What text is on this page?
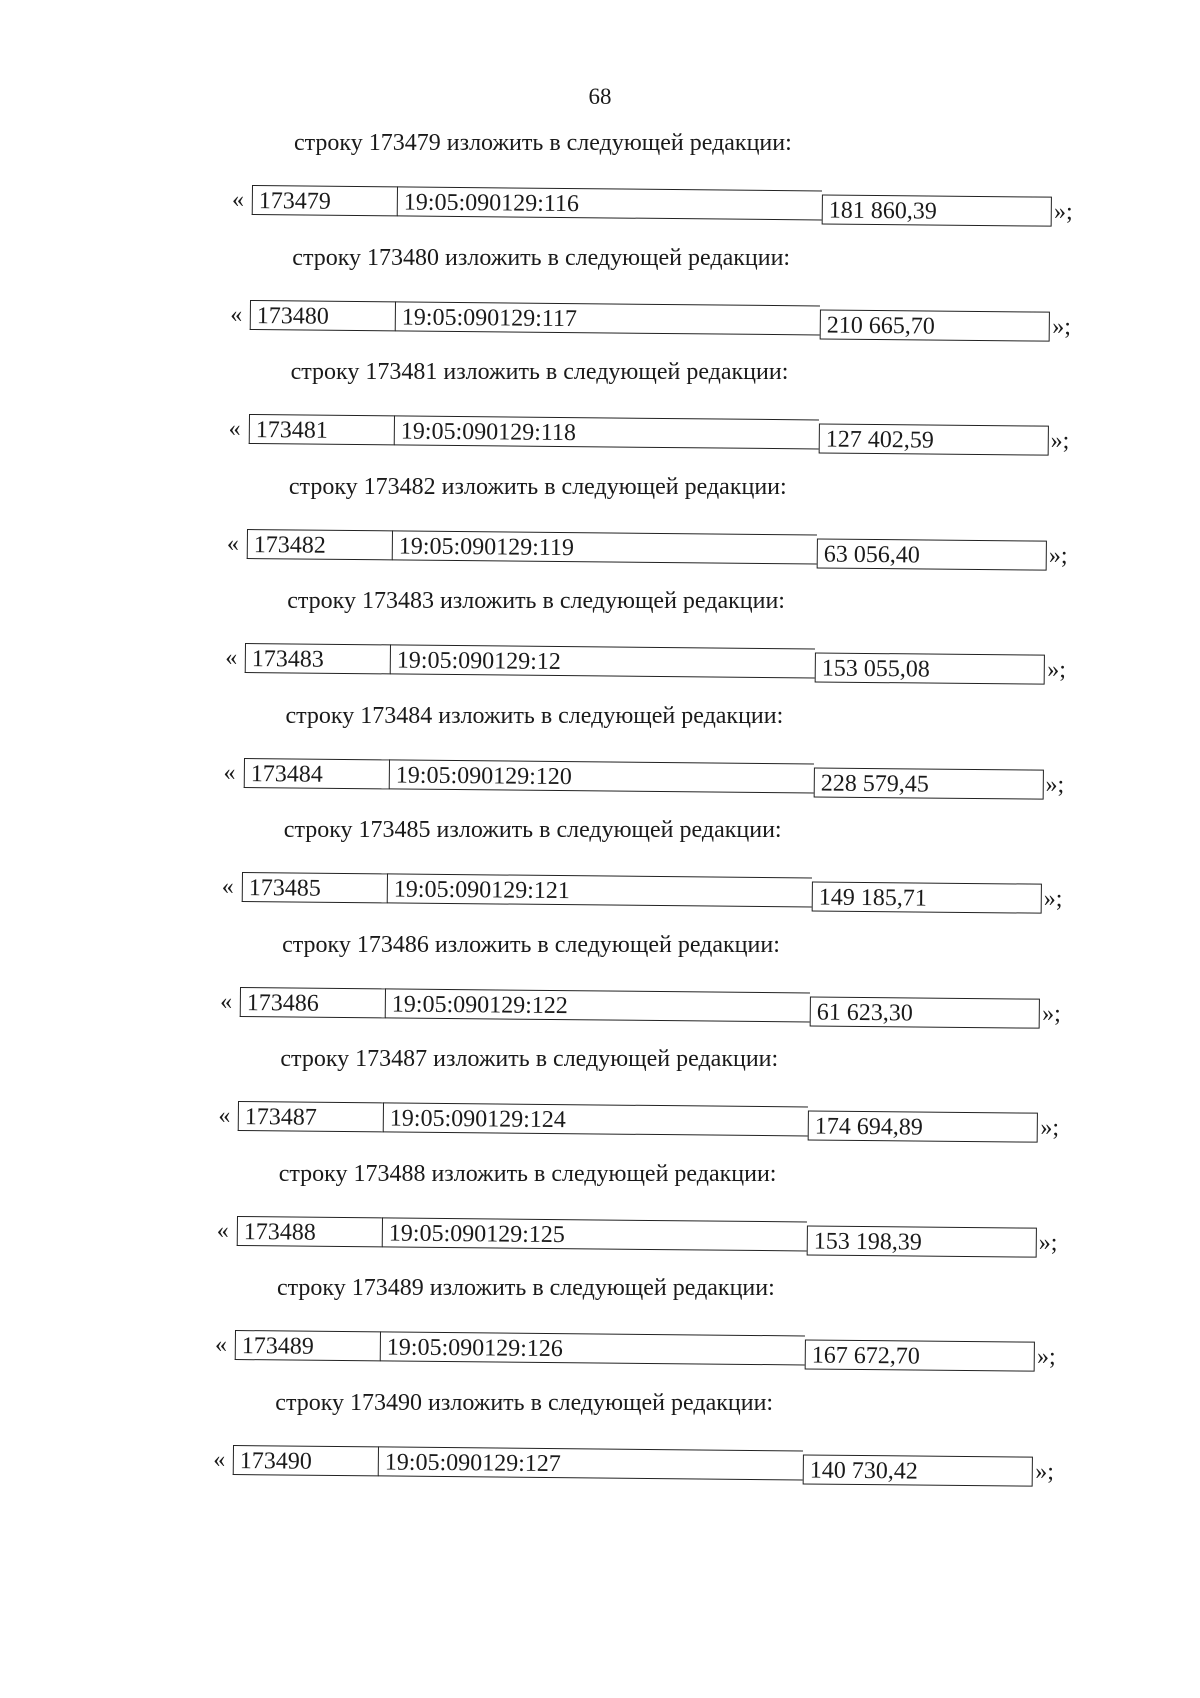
68
строку 173479 изложить в следующей редакции:
« 173479	19:05:090129:116	181 860,39	»;
строку 173480 изложить в следующей редакции:
« 173480	19:05:090129:117	210 665,70	»;
строку 173481 изложить в следующей редакции:
« 173481	19:05:090129:118	127 402,59	»;
строку 173482 изложить в следующей редакции:
« 173482	19:05:090129:119	63 056,40	»;
строку 173483 изложить в следующей редакции:
« 173483	19:05:090129:12	153 055,08	»;
строку 173484 изложить в следующей редакции:
« 173484	19:05:090129:120	228 579,45	»;
строку 173485 изложить в следующей редакции:
« 173485	19:05:090129:121	149 185,71	»;
строку 173486 изложить в следующей редакции:
« 173486	19:05:090129:122	61 623,30	»;
строку 173487 изложить в следующей редакции:
« 173487	19:05:090129:124	174 694,89	»;
строку 173488 изложить в следующей редакции:
« 173488	19:05:090129:125	153 198,39	»;
строку 173489 изложить в следующей редакции:
« 173489	19:05:090129:126	167 672,70	»;
строку 173490 изложить в следующей редакции:
« 173490	19:05:090129:127	140 730,42	»;
